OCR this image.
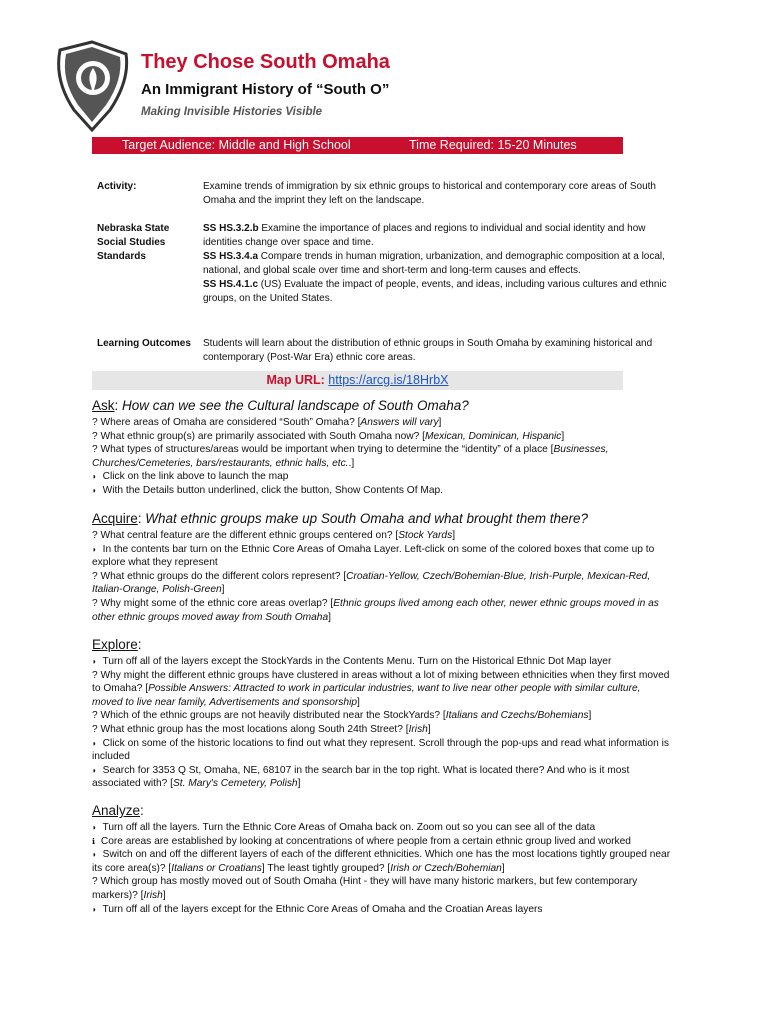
They Chose South Omaha
An Immigrant History of “South O”
Making Invisible Histories Visible
Target Audience: Middle and High School	Time Required: 15-20 Minutes
Activity:	Examine trends of immigration by six ethnic groups to historical and contemporary core areas of South Omaha and the imprint they left on the landscape.
Nebraska State Social Studies Standards
SS HS.3.2.b Examine the importance of places and regions to individual and social identity and how identities change over space and time.
SS HS.3.4.a Compare trends in human migration, urbanization, and demographic composition at a local, national, and global scale over time and short-term and long-term causes and effects.
SS HS.4.1.c (US) Evaluate the impact of people, events, and ideas, including various cultures and ethnic groups, on the United States.
Learning Outcomes Students will learn about the distribution of ethnic groups in South Omaha by examining historical and contemporary (Post-War Era) ethnic core areas.
Map URL: https://arcg.is/18HrbX
Ask: How can we see the Cultural landscape of South Omaha?
? Where areas of Omaha are considered “South” Omaha? [Answers will vary]
? What ethnic group(s) are primarily associated with South Omaha now? [Mexican, Dominican, Hispanic]
? What types of structures/areas would be important when trying to determine the “identity” of a place [Businesses, Churches/Cemeteries, bars/restaurants, ethnic halls, etc..]
◗ Click on the link above to launch the map
◗ With the Details button underlined, click the button, Show Contents Of Map.
Acquire: What ethnic groups make up South Omaha and what brought them there?
? What central feature are the different ethnic groups centered on? [Stock Yards]
◗ In the contents bar turn on the Ethnic Core Areas of Omaha Layer. Left-click on some of the colored boxes that come up to explore what they represent
? What ethnic groups do the different colors represent? [Croatian-Yellow, Czech/Bohemian-Blue, Irish-Purple, Mexican-Red, Italian-Orange, Polish-Green]
? Why might some of the ethnic core areas overlap? [Ethnic groups lived among each other, newer ethnic groups moved in as other ethnic groups moved away from South Omaha]
Explore:
◗ Turn off all of the layers except the StockYards in the Contents Menu. Turn on the Historical Ethnic Dot Map layer
? Why might the different ethnic groups have clustered in areas without a lot of mixing between ethnicities when they first moved to Omaha? [Possible Answers: Attracted to work in particular industries, want to live near other people with similar culture, moved to live near family, Advertisements and sponsorship]
? Which of the ethnic groups are not heavily distributed near the StockYards? [Italians and Czechs/Bohemians]
? What ethnic group has the most locations along South 24th Street? [Irish]
◗ Click on some of the historic locations to find out what they represent. Scroll through the pop-ups and read what information is included
◗ Search for 3353 Q St, Omaha, NE, 68107 in the search bar in the top right. What is located there? And who is it most associated with? [St. Mary's Cemetery, Polish]
Analyze:
◗ Turn off all the layers. Turn the Ethnic Core Areas of Omaha back on. Zoom out so you can see all of the data
ℹ Core areas are established by looking at concentrations of where people from a certain ethnic group lived and worked
◗ Switch on and off the different layers of each of the different ethnicities. Which one has the most locations tightly grouped near its core area(s)? [Italians or Croatians] The least tightly grouped? [Irish or Czech/Bohemian]
? Which group has mostly moved out of South Omaha (Hint - they will have many historic markers, but few contemporary markers)? [Irish]
◗ Turn off all of the layers except for the Ethnic Core Areas of Omaha and the Croatian Areas layers
